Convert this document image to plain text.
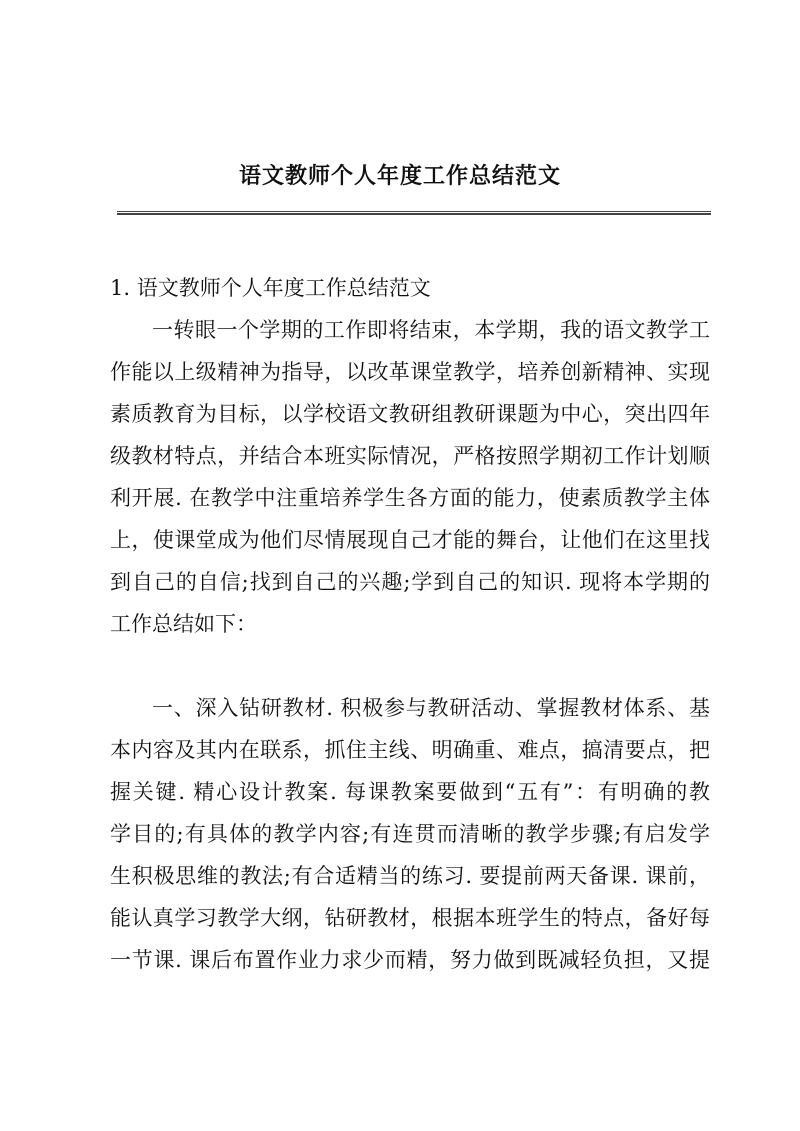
语文教师个人年度工作总结范文

1. 语文教师个人年度工作总结范文

一转眼一个学期的工作即将结束，本学期，我的语文教学工
作能以上级精神为指导，以改革课堂教学，培养创新精神、实现
素质教育为目标，以学校语文教研组教研课题为中心，突出四年
级教材特点，并结合本班实际情况，严格按照学期初工作计划顺
利开展. 在教学中注重培养学生各方面的能力，使素质教学主体
上，使课堂成为他们尽情展现自己才能的舞台，让他们在这里找
到自己的自信;找到自己的兴趣;学到自己的知识. 现将本学期的
工作总结如下：
一、深入钻研教材. 积极参与教研活动、掌握教材体系、基
本内容及其内在联系，抓住主线、明确重、难点，搞清要点，把
握关键. 精心设计教案. 每课教案要做到“五有”：有明确的教
学目的;有具体的教学内容;有连贯而清晰的教学步骤;有启发学
生积极思维的教法;有合适精当的练习. 要提前两天备课. 课前，
能认真学习教学大纲，钻研教材，根据本班学生的特点，备好每
一节课. 课后布置作业力求少而精，努力做到既减轻负担，又提
